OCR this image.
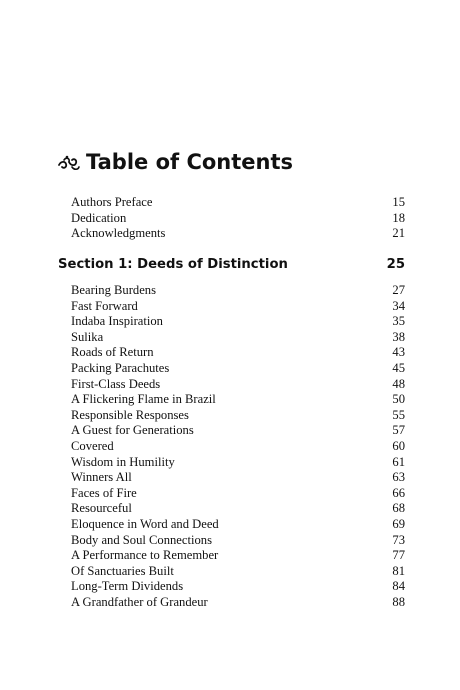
Table of Contents
Authors Preface	15
Dedication	18
Acknowledgments	21
Section 1: Deeds of Distinction	25
Bearing Burdens	27
Fast Forward	34
Indaba Inspiration	35
Sulika	38
Roads of Return	43
Packing Parachutes	45
First-Class Deeds	48
A Flickering Flame in Brazil	50
Responsible Responses	55
A Guest for Generations	57
Covered	60
Wisdom in Humility	61
Winners All	63
Faces of Fire	66
Resourceful	68
Eloquence in Word and Deed	69
Body and Soul Connections	73
A Performance to Remember	77
Of Sanctuaries Built	81
Long-Term Dividends	84
A Grandfather of Grandeur	88
